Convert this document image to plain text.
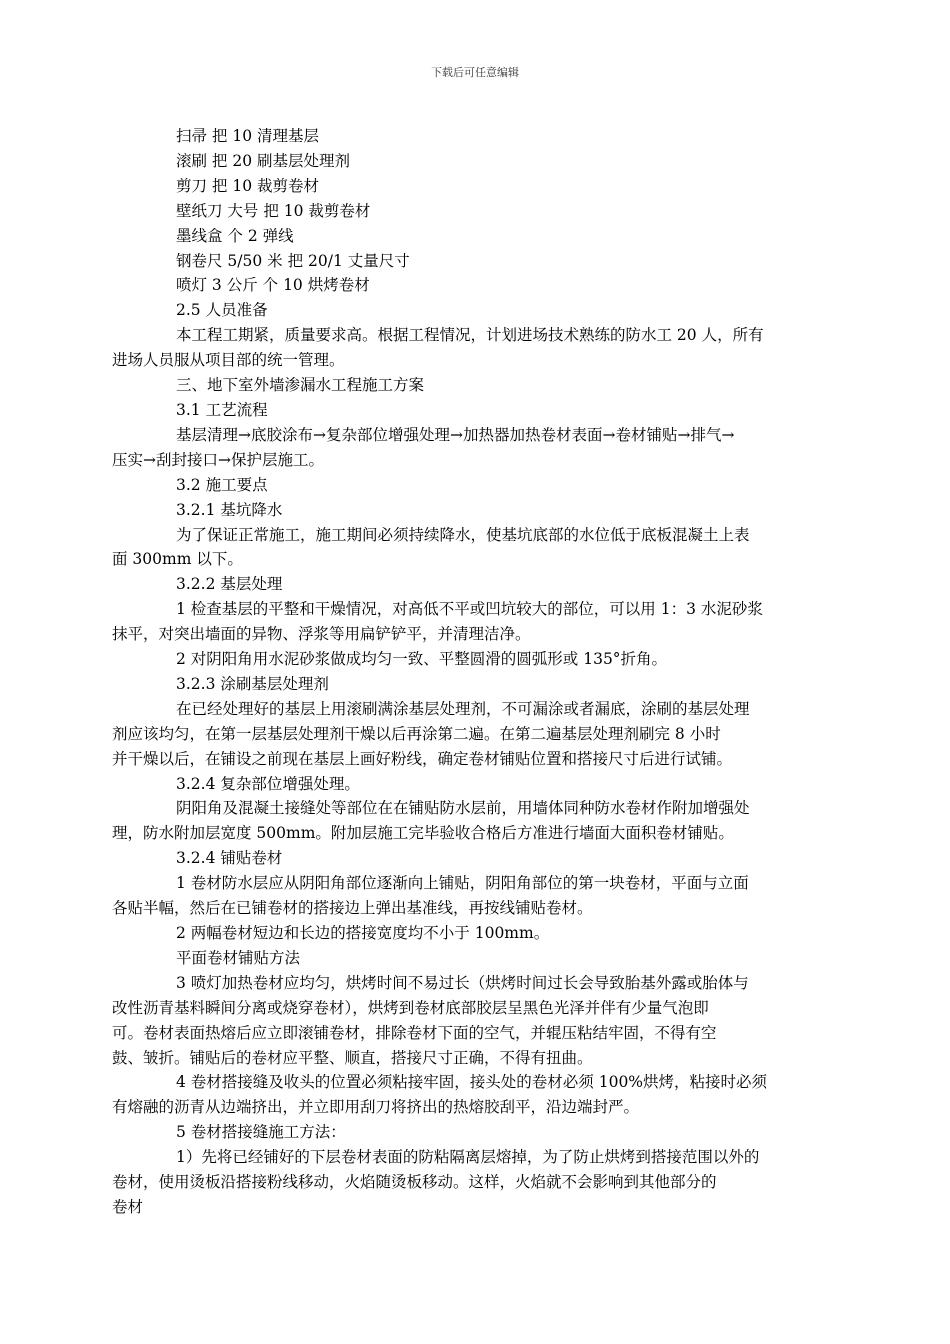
下载后可任意编辑
扫帚 把 10 清理基层
滚刷 把 20 刷基层处理剂
剪刀 把 10 裁剪卷材
壁纸刀 大号 把 10 裁剪卷材
墨线盒 个 2 弹线
钢卷尺 5/50 米 把 20/1 丈量尺寸
喷灯 3 公斤 个 10 烘烤卷材
2.5 人员准备
本工程工期紧，质量要求高。根据工程情况，计划进场技术熟练的防水工 20 人，所有
进场人员服从项目部的统一管理。
三、地下室外墙渗漏水工程施工方案
3.1 工艺流程
基层清理→底胶涂布→复杂部位增强处理→加热器加热卷材表面→卷材铺贴→排气→
压实→刮封接口→保护层施工。
3.2 施工要点
3.2.1 基坑降水
为了保证正常施工，施工期间必须持续降水，使基坑底部的水位低于底板混凝土上表
面 300mm 以下。
3.2.2 基层处理
1 检查基层的平整和干燥情况，对高低不平或凹坑较大的部位，可以用 1：3 水泥砂浆
抹平，对突出墙面的异物、浮浆等用扁铲铲平，并清理洁净。
2 对阴阳角用水泥砂浆做成均匀一致、平整圆滑的圆弧形或 135°折角。
3.2.3 涂刷基层处理剂
在已经处理好的基层上用滚刷满涂基层处理剂，不可漏涂或者漏底，涂刷的基层处理
剂应该均匀，在第一层基层处理剂干燥以后再涂第二遍。在第二遍基层处理剂刷完 8 小时
并干燥以后，在铺设之前现在基层上画好粉线，确定卷材铺贴位置和搭接尺寸后进行试铺。
3.2.4 复杂部位增强处理。
阴阳角及混凝土接缝处等部位在在铺贴防水层前，用墙体同种防水卷材作附加增强处
理，防水附加层宽度 500mm。附加层施工完毕验收合格后方准进行墙面大面积卷材铺贴。
3.2.4 铺贴卷材
1 卷材防水层应从阴阳角部位逐渐向上铺贴，阴阳角部位的第一块卷材，平面与立面
各贴半幅，然后在已铺卷材的搭接边上弹出基准线，再按线铺贴卷材。
2 两幅卷材短边和长边的搭接宽度均不小于 100mm。
平面卷材铺贴方法
3 喷灯加热卷材应均匀，烘烤时间不易过长（烘烤时间过长会导致胎基外露或胎体与
改性沥青基料瞬间分离或烧穿卷材），烘烤到卷材底部胶层呈黑色光泽并伴有少量气泡即
可。卷材表面热熔后应立即滚铺卷材，排除卷材下面的空气，并辊压粘结牢固，不得有空
鼓、皱折。铺贴后的卷材应平整、顺直，搭接尺寸正确，不得有扭曲。
4 卷材搭接缝及收头的位置必须粘接牢固，接头处的卷材必须 100%烘烤，粘接时必须
有熔融的沥青从边端挤出，并立即用刮刀将挤出的热熔胶刮平，沿边端封严。
5 卷材搭接缝施工方法：
1）先将已经铺好的下层卷材表面的防粘隔离层熔掉，为了防止烘烤到搭接范围以外的
卷材，使用烫板沿搭接粉线移动，火焰随烫板移动。这样，火焰就不会影响到其他部分的
卷材
